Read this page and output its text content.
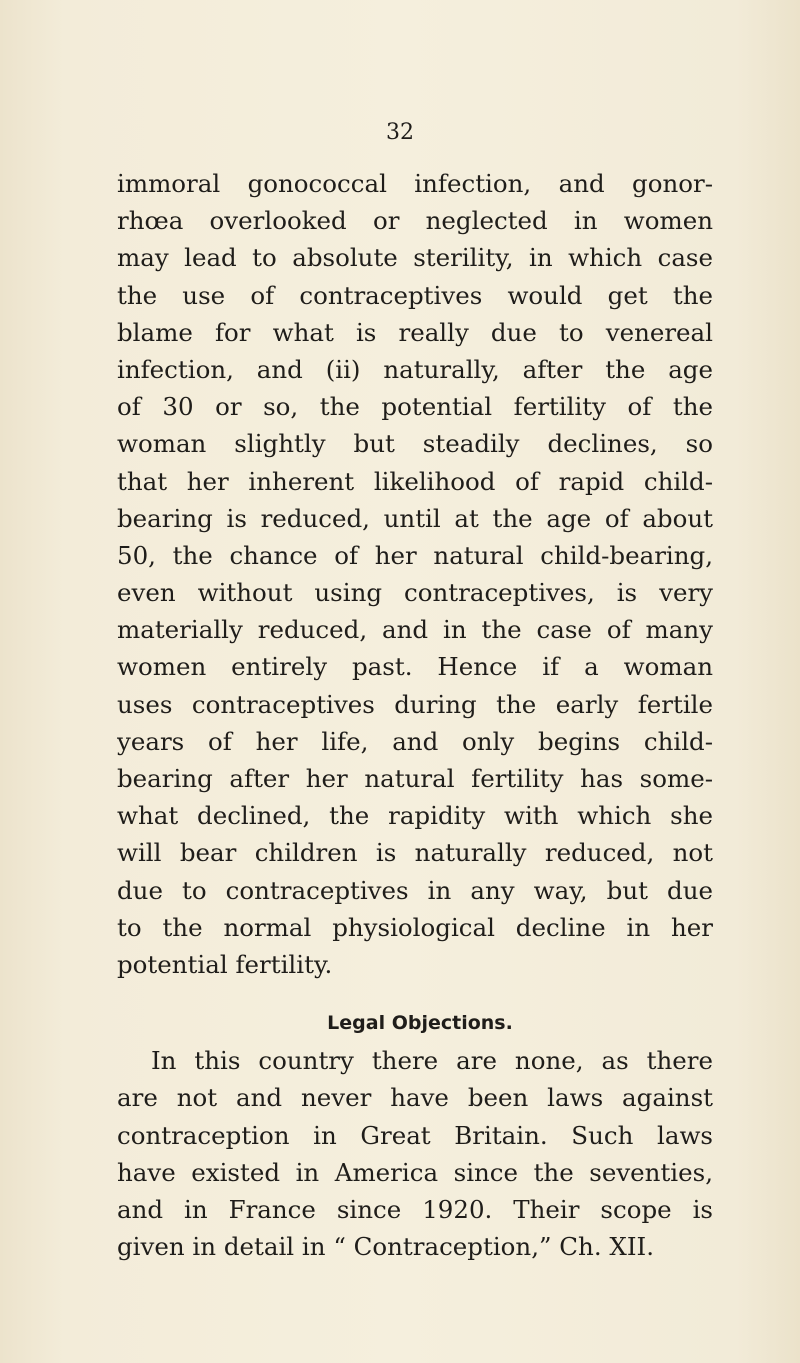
32
immoral gonococcal infection, and gonor-
rhœa overlooked or neglected in women
may lead to absolute sterility, in which case
the use of contraceptives would get the
blame for what is really due to venereal
infection, and (ii) naturally, after the age
of 30 or so, the potential fertility of the
woman slightly but steadily declines, so
that her inherent likelihood of rapid child-
bearing is reduced, until at the age of about
50, the chance of her natural child-bearing,
even without using contraceptives, is very
materially reduced, and in the case of many
women entirely past. Hence if a woman
uses contraceptives during the early fertile
years of her life, and only begins child-
bearing after her natural fertility has some-
what declined, the rapidity with which she
will bear children is naturally reduced, not
due to contraceptives in any way, but due
to the normal physiological decline in her
potential fertility.
Legal Objections.
In this country there are none, as there
are not and never have been laws against
contraception in Great Britain. Such laws
have existed in America since the seventies,
and in France since 1920. Their scope is
given in detail in “ Contraception,” Ch. XII.
